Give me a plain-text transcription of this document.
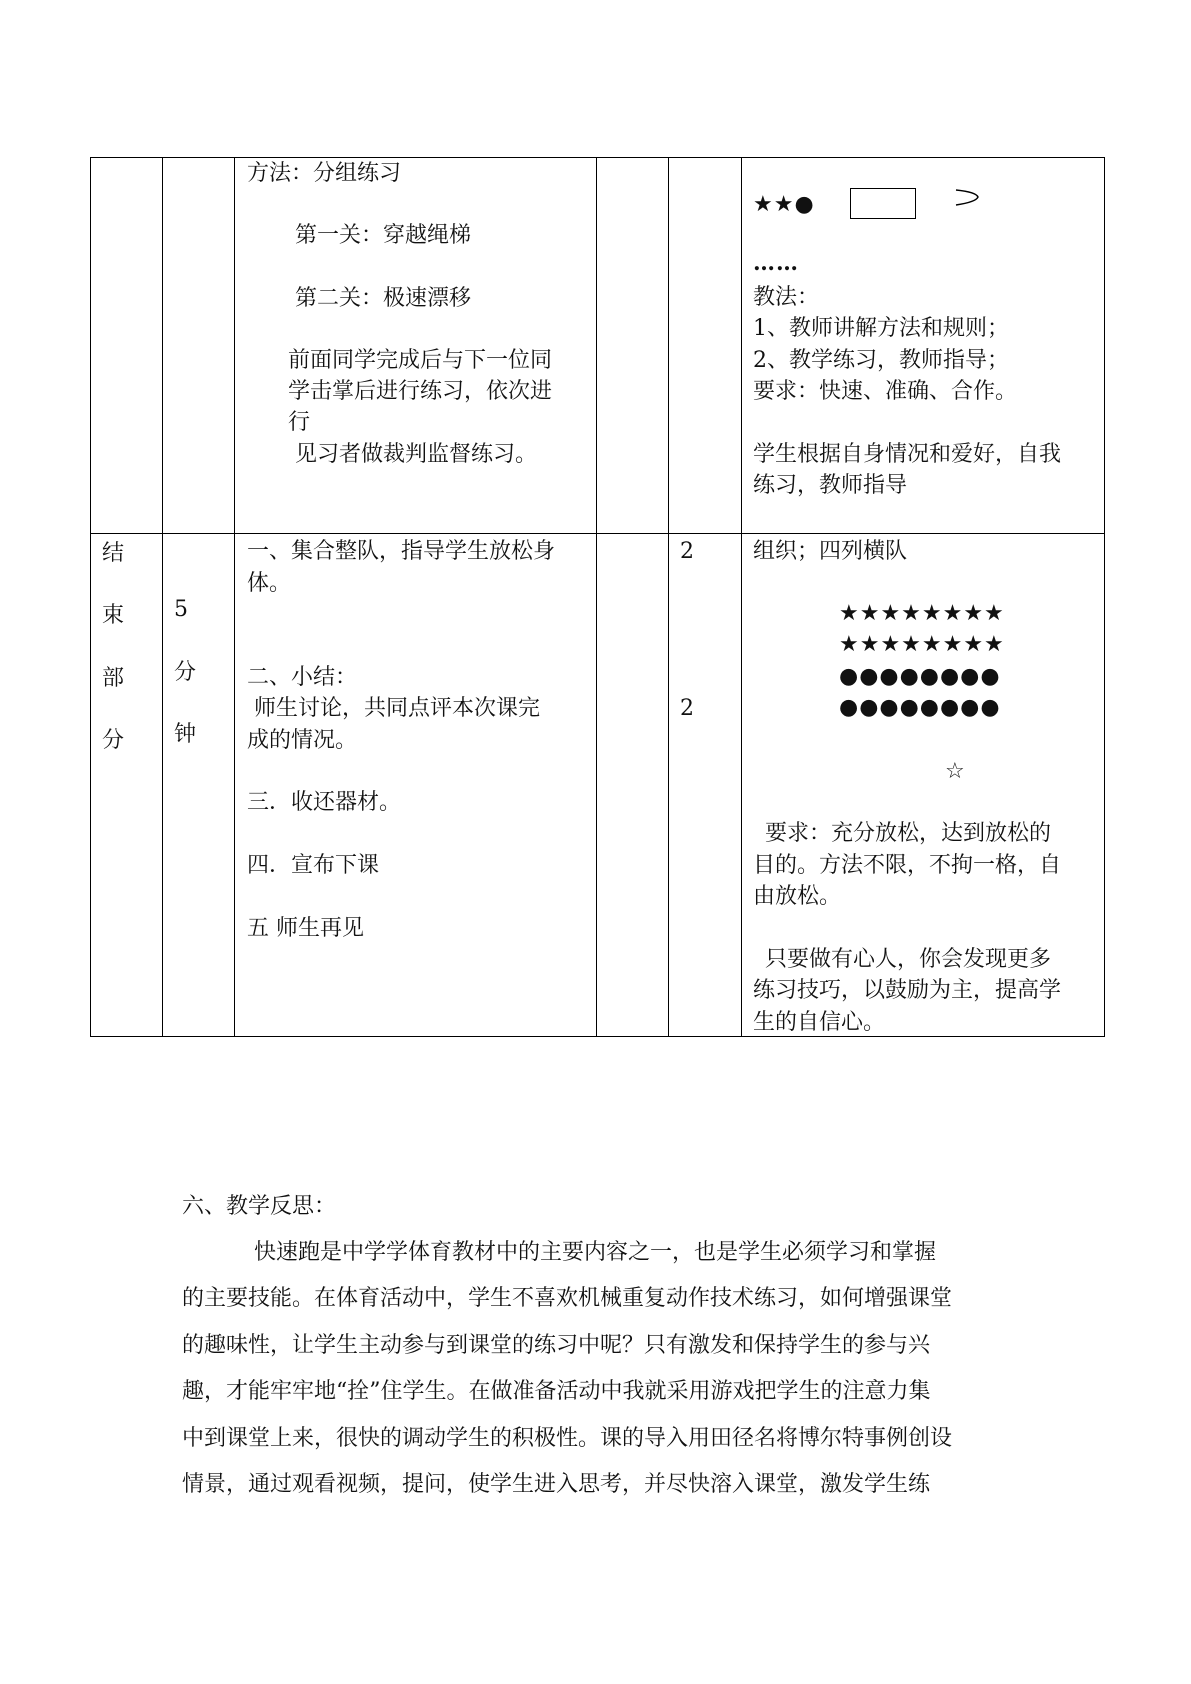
方法：分组练习
第一关：穿越绳梯
第二关：极速漂移
前面同学完成后与下一位同
学击掌后进行练习，依次进
行
见习者做裁判监督练习。
★★●
……
教法：
1、教师讲解方法和规则；
2、教学练习，教师指导；
要求：快速、准确、合作。
学生根据自身情况和爱好，自我
练习，教师指导
结
束
部
分
5
分
钟
一、集合整队，指导学生放松身
体。
二、小结：
师生讨论，共同点评本次课完
成的情况。
三．收还器材。
四．宣布下课
五 师生再见
2
2
组织；四列横队
★★★★★★★★
★★★★★★★★
●●●●●●●●
●●●●●●●●
☆
要求：充分放松，达到放松的
目的。方法不限，不拘一格，自
由放松。
只要做有心人，你会发现更多
练习技巧，以鼓励为主，提高学
生的自信心。
六、教学反思：
快速跑是中学学体育教材中的主要内容之一，也是学生必须学习和掌握
的主要技能。在体育活动中，学生不喜欢机械重复动作技术练习，如何增强课堂
的趣味性，让学生主动参与到课堂的练习中呢？只有激发和保持学生的参与兴
趣，才能牢牢地“拴”住学生。在做准备活动中我就采用游戏把学生的注意力集
中到课堂上来，很快的调动学生的积极性。课的导入用田径名将博尔特事例创设
情景，通过观看视频，提问，使学生进入思考，并尽快溶入课堂，激发学生练
